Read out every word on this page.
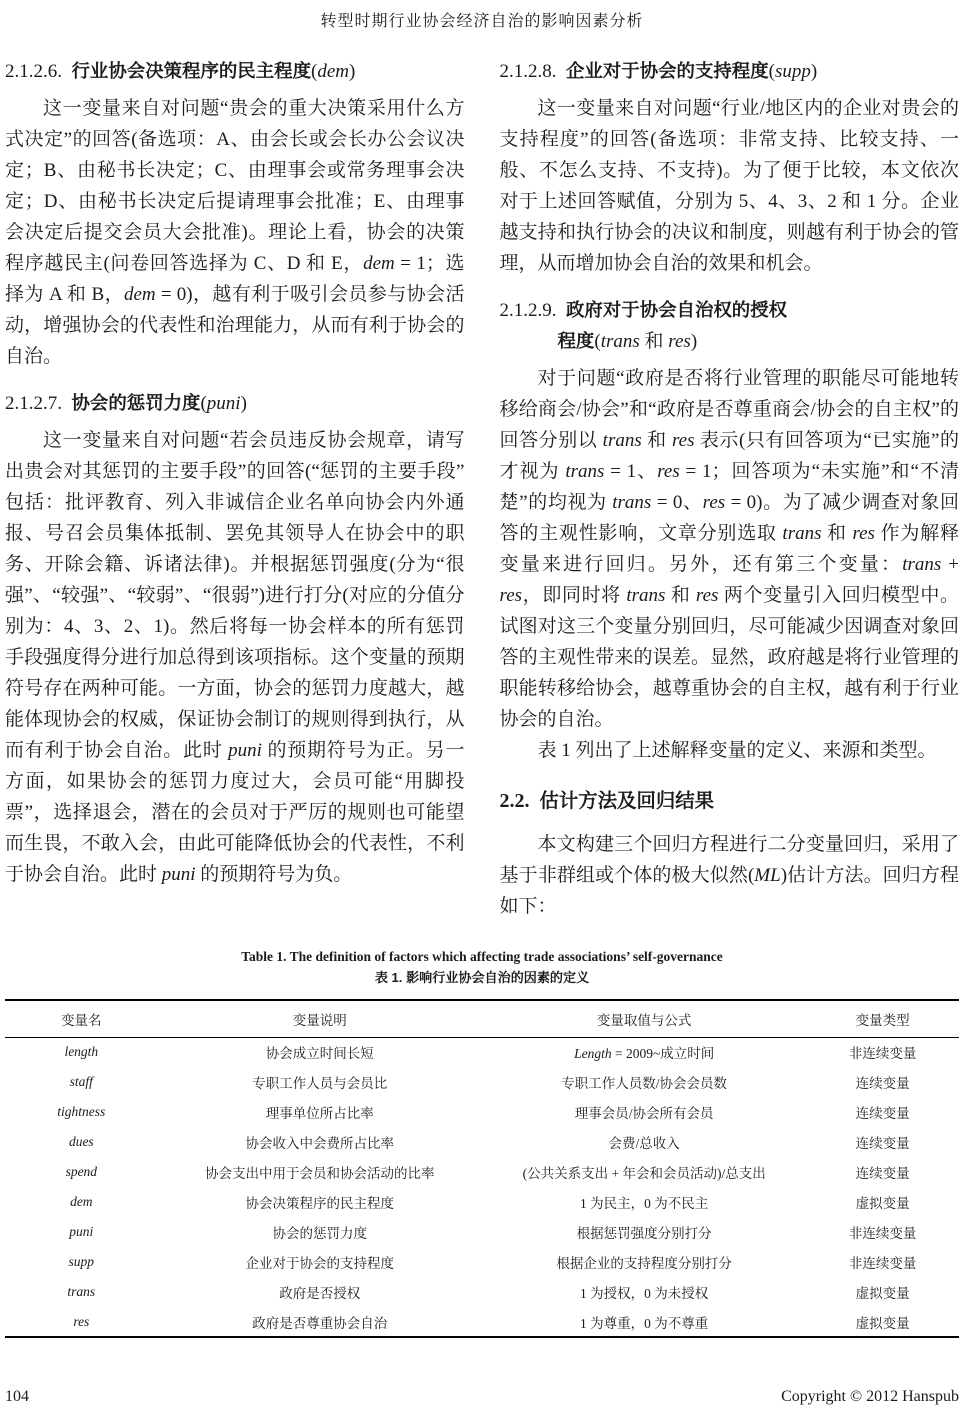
转型时期行业协会经济自治的影响因素分析
2.1.2.6.  行业协会决策程序的民主程度(dem)

这一变量来自对问题“贵会的重大决策采用什么方式决定”的回答(备选项：A、由会长或会长办公会议决定；B、由秘书长决定；C、由理事会或常务理事会决定；D、由秘书长决定后提请理事会批准；E、由理事会决定后提交会员大会批准)。理论上看，协会的决策程序越民主(问卷回答选择为 C、D 和 E，dem = 1；选择为 A 和 B，dem = 0)，越有利于吸引会员参与协会活动，增强协会的代表性和治理能力，从而有利于协会的自治。

2.1.2.7.  协会的惩罚力度(puni)

这一变量来自对问题“若会员违反协会规章，请写出贵会对其惩罚的主要手段”的回答(“惩罚的主要手段”包括：批评教育、列入非诚信企业名单向协会内外通报、号召会员集体抵制、罢免其领导人在协会中的职务、开除会籍、诉诸法律)。并根据惩罚强度(分为“很强”、“较强”、“较弱”、“很弱”)进行打分(对应的分值分别为：4、3、2、1)。然后将每一协会样本的所有惩罚手段强度得分进行加总得到该项指标。这个变量的预期符号存在两种可能。一方面，协会的惩罚力度越大，越能体现协会的权威，保证协会制订的规则得到执行，从而有利于协会自治。此时 puni 的预期符号为正。另一方面，如果协会的惩罚力度过大，会员可能“用脚投票”，选择退会，潜在的会员对于严厉的规则也可能望而生畏，不敢入会，由此可能降低协会的代表性，不利于协会自治。此时 puni 的预期符号为负。

2.1.2.8.  企业对于协会的支持程度(supp)

这一变量来自对问题“行业/地区内的企业对贵会的支持程度”的回答(备选项：非常支持、比较支持、一般、不怎么支持、不支持)。为了便于比较，本文依次对于上述回答赋值，分别为 5、4、3、2 和 1 分。企业越支持和执行协会的决议和制度，则越有利于协会的管理，从而增加协会自治的效果和机会。

2.1.2.9.  政府对于协会自治权的授权
程度(trans 和 res)

对于问题“政府是否将行业管理的职能尽可能地转移给商会/协会”和“政府是否尊重商会/协会的自主权”的回答分别以 trans 和 res 表示(只有回答项为“已实施”的才视为 trans = 1、res = 1；回答项为“未实施”和“不清楚”的均视为 trans = 0、res = 0)。为了减少调查对象回答的主观性影响，文章分别选取 trans 和 res 作为解释变量来进行回归。另外，还有第三个变量：trans + res，即同时将 trans 和 res 两个变量引入回归模型中。试图对这三个变量分别回归，尽可能减少因调查对象回答的主观性带来的误差。显然，政府越是将行业管理的职能转移给协会，越尊重协会的自主权，越有利于行业协会的自治。

表 1 列出了上述解释变量的定义、来源和类型。

2.2.  估计方法及回归结果

本文构建三个回归方程进行二分变量回归，采用了基于非群组或个体的极大似然(ML)估计方法。回归方程如下：

Table 1. The definition of factors which affecting trade associations’ self-governance

表 1. 影响行业协会自治的因素的定义

变量名	变量说明	变量取值与公式	变量类型
length	协会成立时间长短	Length = 2009~成立时间	非连续变量
staff	专职工作人员与会员比	专职工作人员数/协会会员数	连续变量
tightness	理事单位所占比率	理事会员/协会所有会员	连续变量
dues	协会收入中会费所占比率	会费/总收入	连续变量
spend	协会支出中用于会员和协会活动的比率	(公共关系支出 + 年会和会员活动)/总支出	连续变量
dem	协会决策程序的民主程度	1 为民主，0 为不民主	虚拟变量
puni	协会的惩罚力度	根据惩罚强度分别打分	非连续变量
supp	企业对于协会的支持程度	根据企业的支持程度分别打分	非连续变量
trans	政府是否授权	1 为授权，0 为未授权	虚拟变量
res	政府是否尊重协会自治	1 为尊重，0 为不尊重	虚拟变量
104	Copyright © 2012 Hanspub
